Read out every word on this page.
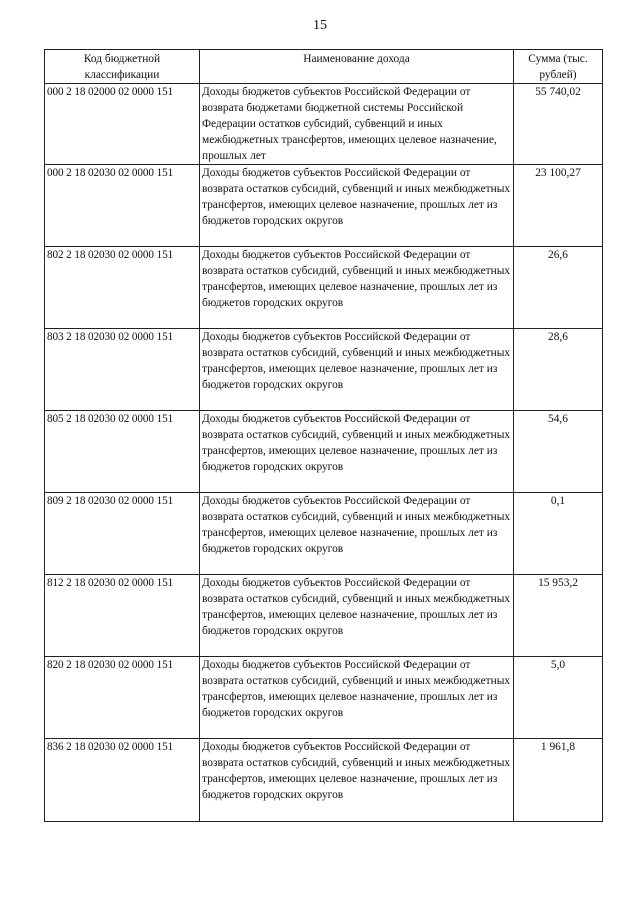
15
Код бюджетной классификации	Наименование дохода	Сумма (тыс. рублей)
000 2 18 02000 02 0000 151	Доходы бюджетов субъектов Российской Федерации от возврата бюджетами бюджетной системы Российской Федерации остатков субсидий, субвенций и иных межбюджетных трансфертов, имеющих целевое назначение, прошлых лет	55 740,02
000 2 18 02030 02 0000 151	Доходы бюджетов субъектов Российской Федерации от возврата остатков субсидий, субвенций и иных межбюджетных трансфертов, имеющих целевое назначение, прошлых лет из бюджетов городских округов	23 100,27
802 2 18 02030 02 0000 151	Доходы бюджетов субъектов Российской Федерации от возврата остатков субсидий, субвенций и иных межбюджетных трансфертов, имеющих целевое назначение, прошлых лет из бюджетов городских округов	26,6
803 2 18 02030 02 0000 151	Доходы бюджетов субъектов Российской Федерации от возврата остатков субсидий, субвенций и иных межбюджетных трансфертов, имеющих целевое назначение, прошлых лет из бюджетов городских округов	28,6
805 2 18 02030 02 0000 151	Доходы бюджетов субъектов Российской Федерации от возврата остатков субсидий, субвенций и иных межбюджетных трансфертов, имеющих целевое назначение, прошлых лет из бюджетов городских округов	54,6
809 2 18 02030 02 0000 151	Доходы бюджетов субъектов Российской Федерации от возврата остатков субсидий, субвенций и иных межбюджетных трансфертов, имеющих целевое назначение, прошлых лет из бюджетов городских округов	0,1
812 2 18 02030 02 0000 151	Доходы бюджетов субъектов Российской Федерации от возврата остатков субсидий, субвенций и иных межбюджетных трансфертов, имеющих целевое назначение, прошлых лет из бюджетов городских округов	15 953,2
820 2 18 02030 02 0000 151	Доходы бюджетов субъектов Российской Федерации от возврата остатков субсидий, субвенций и иных межбюджетных трансфертов, имеющих целевое назначение, прошлых лет из бюджетов городских округов	5,0
836 2 18 02030 02 0000 151	Доходы бюджетов субъектов Российской Федерации от возврата остатков субсидий, субвенций и иных межбюджетных трансфертов, имеющих целевое назначение, прошлых лет из бюджетов городских округов	1 961,8
